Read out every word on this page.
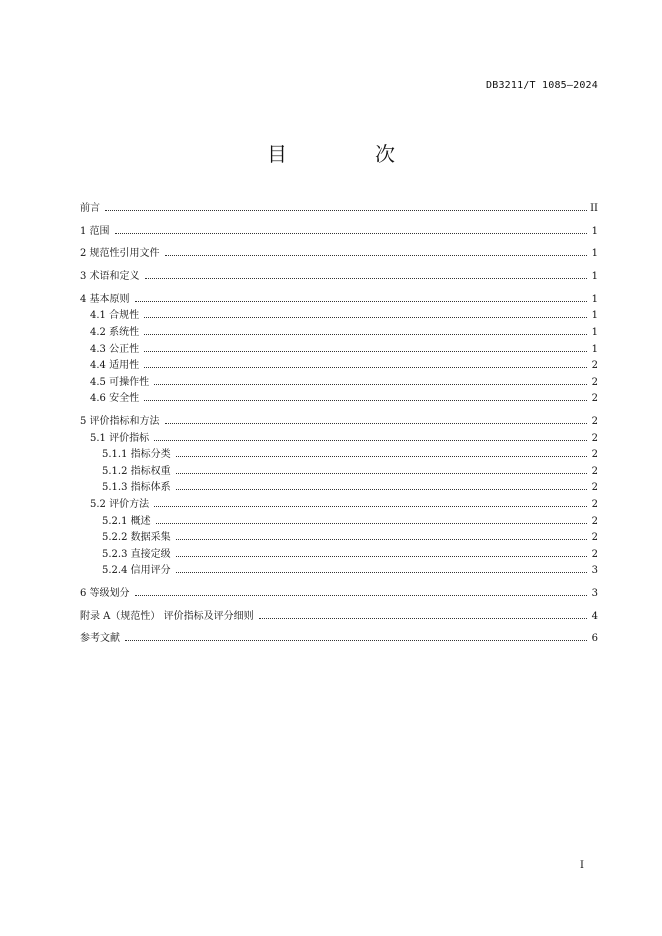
DB3211/T 1085—2024
目　次
前言	II
1 范围	1
2 规范性引用文件	1
3 术语和定义	1
4 基本原则	1
4.1 合规性	1
4.2 系统性	1
4.3 公正性	1
4.4 适用性	2
4.5 可操作性	2
4.6 安全性	2
5 评价指标和方法	2
5.1 评价指标	2
5.1.1 指标分类	2
5.1.2 指标权重	2
5.1.3 指标体系	2
5.2 评价方法	2
5.2.1 概述	2
5.2.2 数据采集	2
5.2.3 直接定级	2
5.2.4 信用评分	3
6 等级划分	3
附录 A（规范性） 评价指标及评分细则	4
参考文献	6
I
